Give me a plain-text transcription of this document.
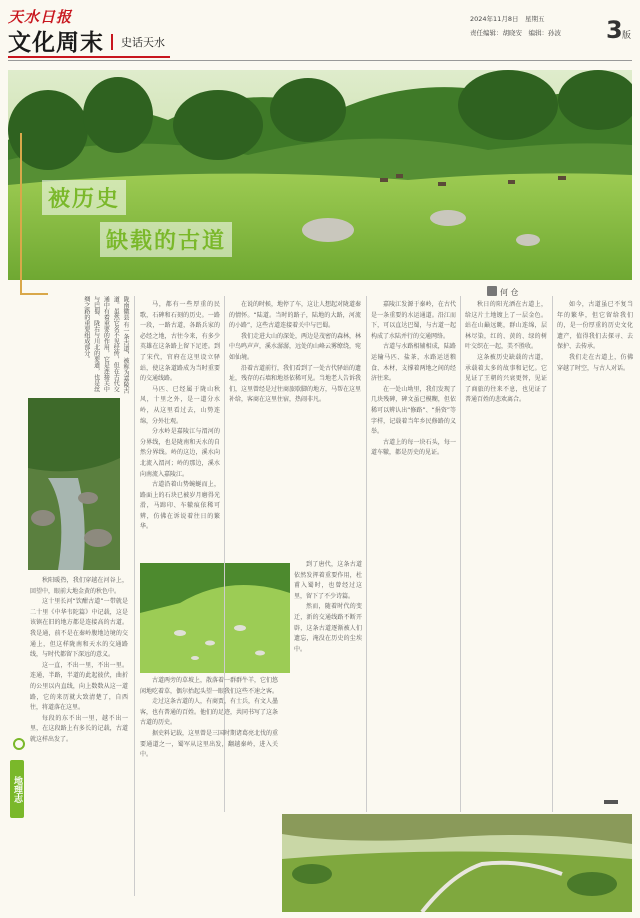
天水日报
文化周末	史话天水
2024年11月8日　星期五
责任编辑：胡晓安　编辑：孙波 3 版
被历史
缺载的古道
何 仓
陇南徽县 有一条古道，被称为嘉陵古道。虽然它名不见经传，但在古代交通中有着重要的作用，它是连接关中与巴蜀、陇右与川北的要道，也是丝绸之路的重要组成部分。

秋阳暖热，我们穿越在河谷上，回望中，眼前大地金黄的秋色中。

这十里长河“饮酣古道”一带就是二十里《中华韦陀篇》中记载，这是该镇在旧的地方都是连接高的古道。我是通，前不是在秦岭腹地边境的交通上，但这样陇南和天水的交通路线，与时代都留下深远的意义。

这一直，不出一里，不出一里。连通，半路，半道的此起彼伏，曲折的公里以内直线，向上数数从这一道路，它的来历就大致清楚了，自西往，将道落在这里。

每段的东不出一里，越不出一里，在这段路上有多长的记载，古道就这样出发了。

马，都有一些厚重的民歌，石碑和石刻的历史。一路一段，一路古道，各路兵家的必经之地，古往今来，有多少英雄在这条路上留下足迹。到了宋代，官府在这里设立驿站，使这条道路成为当时重要的交通线路。

马匹、已经属于陇山秋风，十里之外，是一道分水岭，从这里看过去，山势连绵，分外壮观。

分水岭是嘉陵江与渭河的分界线，也是陇南和天水的自然分界线。岭的这边，溪水向北流入渭河；岭的那边，溪水向南流入嘉陵江。

古道沿着山势蜿蜒而上，路面上的石块已被岁月磨得光滑，马蹄印、车辙痕依稀可辨，仿佛在诉说着往日的繁华。

古道两旁的草坡上，散落着一群群牛羊，它们悠闲地吃着草，偶尔抬起头望一眼我们这些不速之客。

走过这条古道的人，有商贾，有士兵，有文人墨客，也有普通的百姓。他们的足迹，共同书写了这条古道的历史。

据史料记载，这里曾是三国时期诸葛亮北伐的重要通道之一，蜀军从这里出发，翻越秦岭，进入关中。

在说的时候，地停了车，这让人想起对陇道秦的情怀。“陆道。当时的路子，陆地的大路，河流的小路”，这些古道连接着关中与巴蜀。

我们走进大山的深处，两边是茂密的森林，林中鸟鸣声声，溪水潺潺，远处的山峰云雾缭绕，宛如仙境。

沿着古道前行，我们看到了一处古代驿站的遗址，残存的石墙和地基依稀可见。当地老人告诉我们，这里曾经是过往商旅歇脚的地方，马帮在这里补给，客商在这里住宿，热闹非凡。

到了唐代，这条古道依然发挥着重要作用，杜甫入蜀时，也曾经过这里，留下了不少诗篇。

然而，随着时代的变迁，新的交通线路不断开辟，这条古道逐渐被人们遗忘，淹没在历史的尘埃中。

嘉陵江发源于秦岭，在古代是一条重要的水运通道。沿江而下，可以直达巴蜀，与古道一起构成了水陆并行的交通网络。

古道与水路相辅相成，陆路运输马匹、盐茶，水路运送粮食、木材，支撑着两地之间的经济往来。

在一处山坳里，我们发现了几块残碑，碑文虽已模糊，但依稀可以辨认出“修路”、“捐资”等字样，记载着当年乡民修路的义举。

古道上的每一块石头，每一道车辙，都是历史的见证。

秋日的阳光洒在古道上，给这片土地镀上了一层金色。站在山巅远眺，群山连绵，层林尽染，红的、黄的、绿的树叶交织在一起，美不胜收。

这条被历史缺载的古道，承载着太多的故事和记忆。它见证了王朝的兴衰更替，见证了商旅的往来不息，也见证了普通百姓的悲欢离合。

如今，古道虽已不复当年的繁华，但它留给我们的，是一份厚重的历史文化遗产，值得我们去探寻、去保护、去传承。

我们走在古道上，仿佛穿越了时空，与古人对话。

地理志
